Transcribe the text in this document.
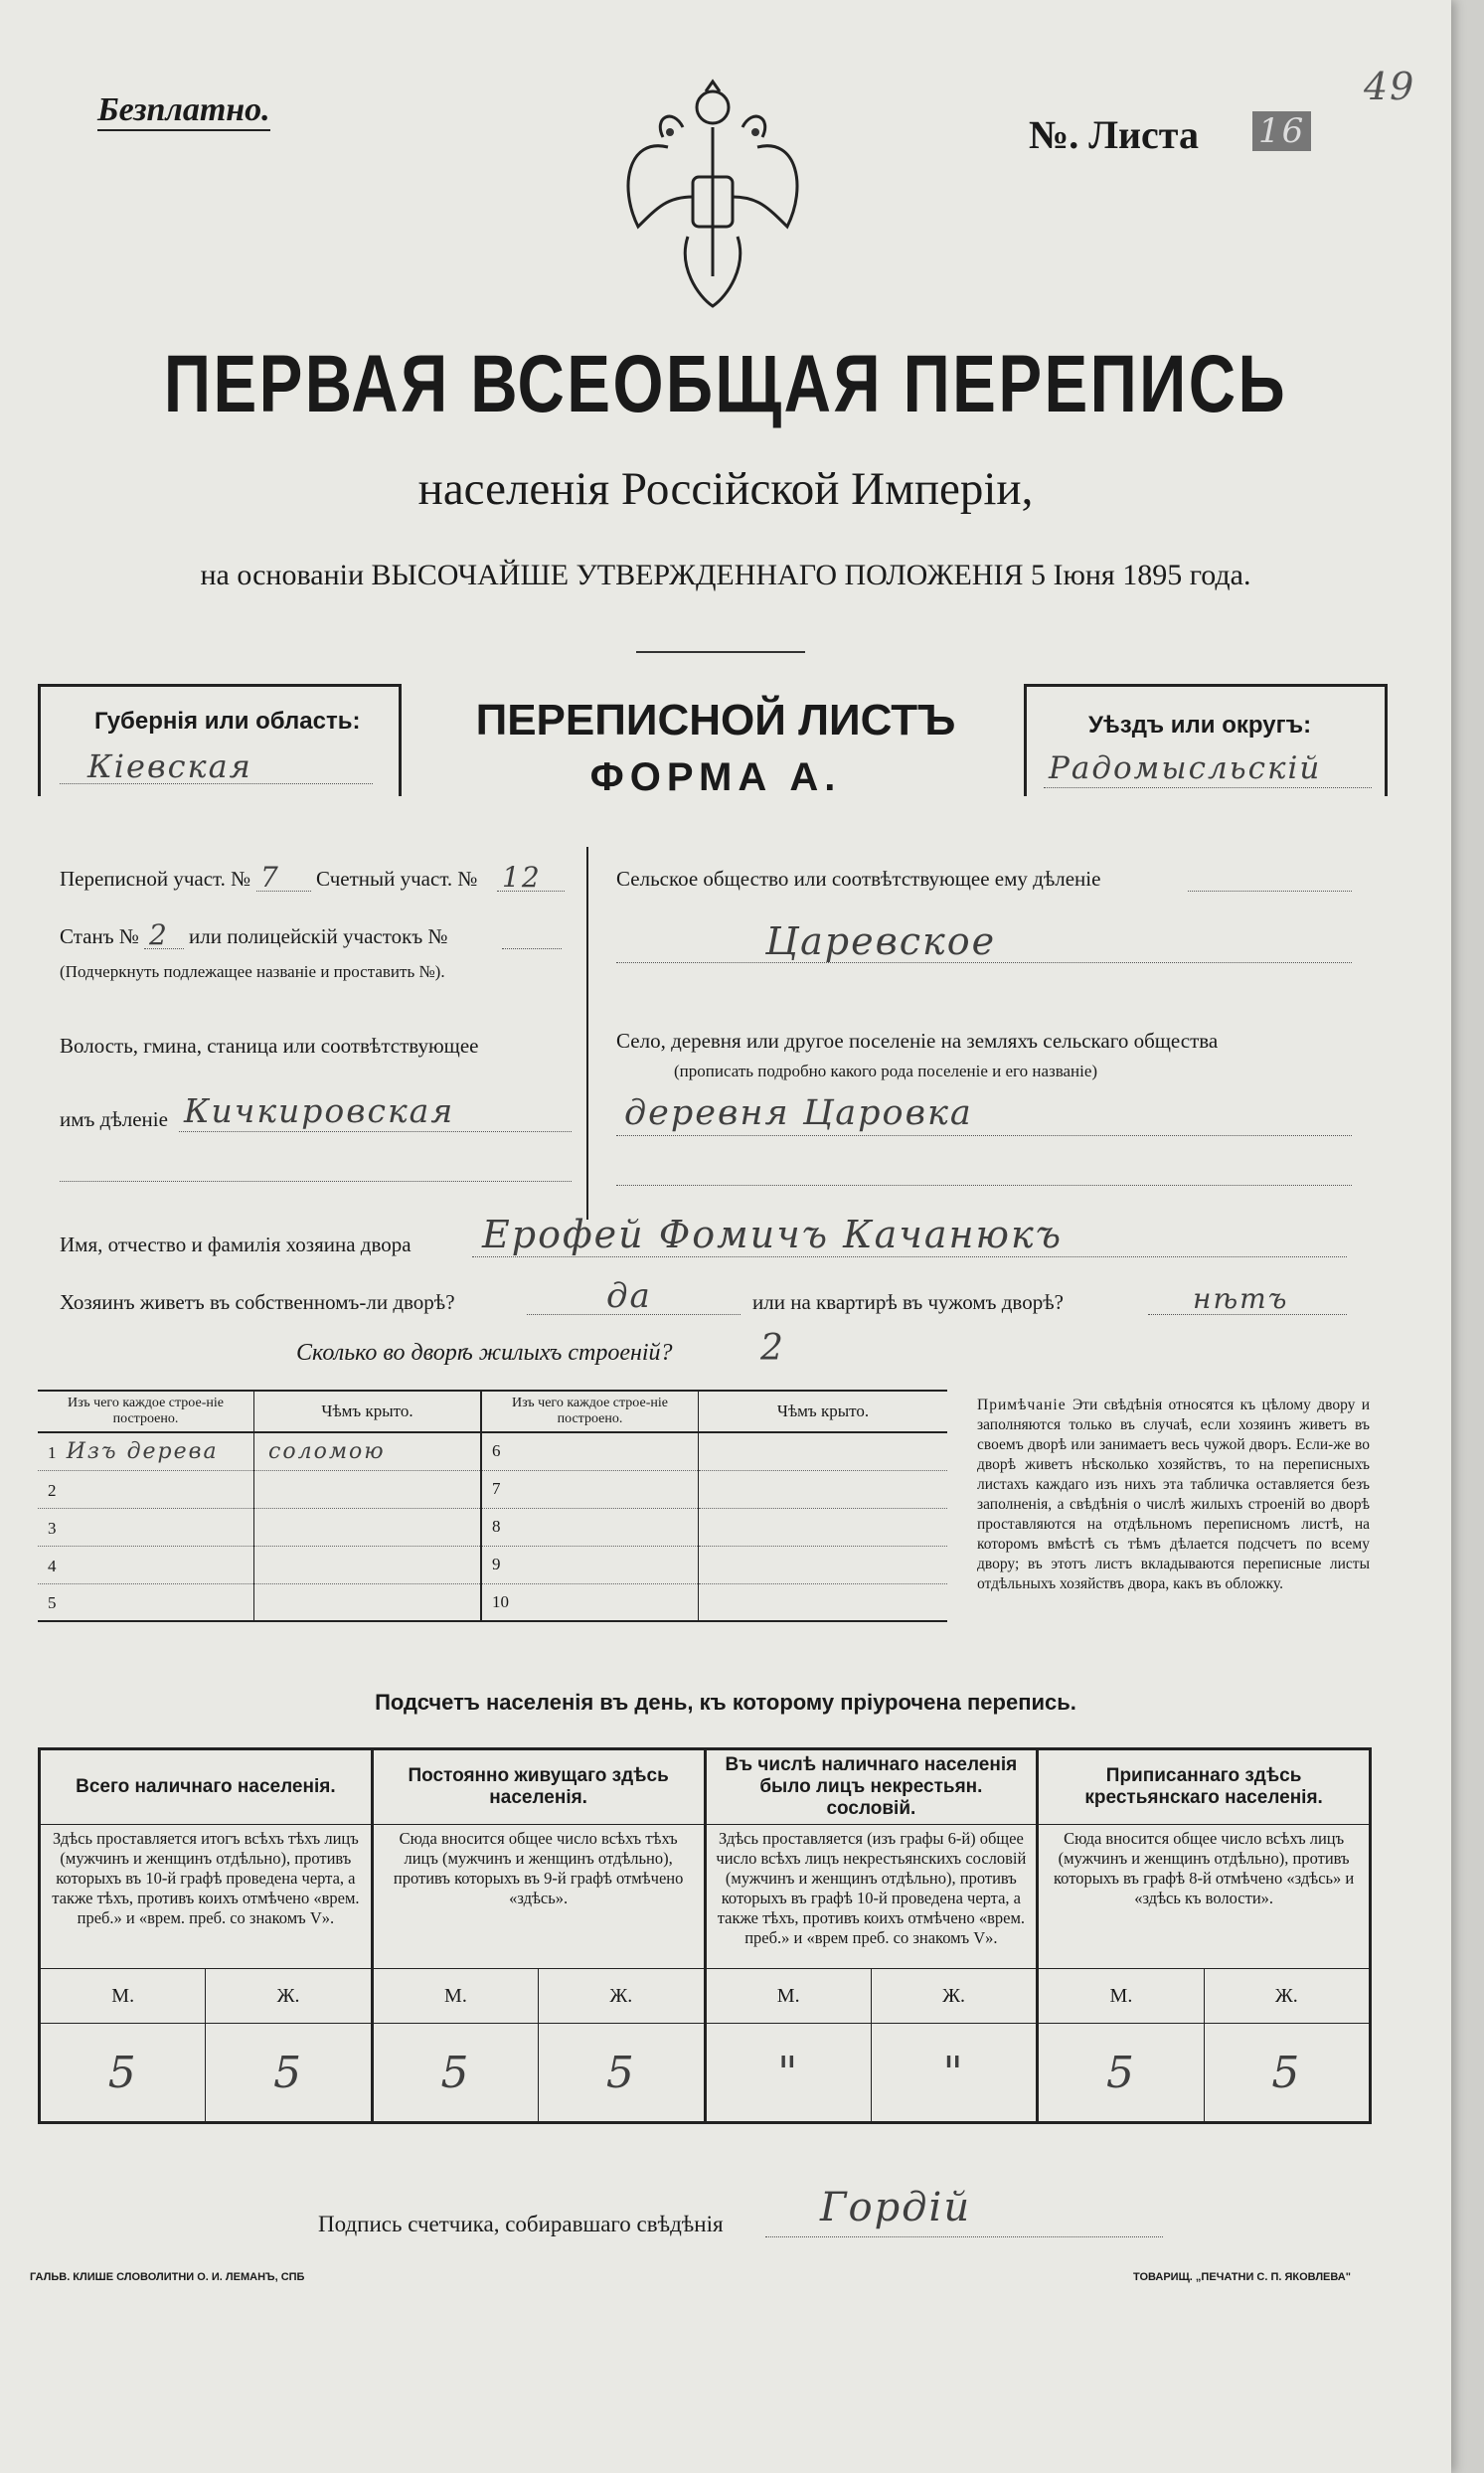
Безплатно.
№. Листа 16
49
ПЕРВАЯ ВСЕОБЩАЯ ПЕРЕПИСЬ
населенія Россійской Имперіи,
на основаніи ВЫСОЧАЙШЕ УТВЕРЖДЕННАГО ПОЛОЖЕНІЯ 5 Іюня 1895 года.
Губернія или область:
Кіевская
ПЕРЕПИСНОЙ ЛИСТЪ
ФОРМА А.
Уѣздъ или округъ:
Радомысльскій
Переписной участ. № 7 Счетный участ. № 12
Станъ № 2 или полицейскій участокъ №
(Подчеркнуть подлежащее названіе и проставить №).
Волость, гмина, станица или соотвѣтствующее
имъ дѣленіе Кичкировская
Сельское общество или соотвѣтствующее ему дѣленіе
Царевское
Село, деревня или другое поселеніе на земляхъ сельскаго общества
(прописать подробно какого рода поселеніе и его названіе)
деревня Царовка
Имя, отчество и фамилія хозяина двора Ерофей Фомичъ Качанюкъ
Хозяинъ живетъ въ собственномъ-ли дворѣ?	да	или на квартирѣ въ чужомъ дворѣ?	нѣтъ
Сколько во дворѣ жилыхъ строеній? 2
Изъ чего каждое строе-ніе построено.	Чѣмъ крыто.	Изъ чего каждое строе-ніе построено.	Чѣмъ крыто.
1 Изъ дерева	соломою	6	
2		7	
3		8	
4		9	
5		10	
Примѣчаніе Эти свѣдѣнія относятся къ цѣлому двору и заполняются только въ случаѣ, если хозяинъ живетъ въ своемъ дворѣ или занимаетъ весь чужой дворъ. Если-же во дворѣ живетъ нѣсколько хозяйствъ, то на переписныхъ листахъ каждаго изъ нихъ эта табличка оставляется безъ заполненія, а свѣдѣнія о числѣ жилыхъ строеній во дворѣ проставляются на отдѣльномъ переписномъ листѣ, на которомъ вмѣстѣ съ тѣмъ дѣлается подсчетъ по всему двору; въ этотъ листъ вкладываются переписные листы отдѣльныхъ хозяйствъ двора, какъ въ обложку.
Подсчетъ населенія въ день, къ которому пріурочена перепись.
Всего наличнаго населенія.		Постоянно живущаго здѣсь населенія.		Въ числѣ наличнаго населенія было лицъ некрестьян. сословій.		Приписаннаго здѣсь крестьянскаго населенія.	
Здѣсь проставляется итогъ всѣхъ тѣхъ лицъ (мужчинъ и женщинъ отдѣльно), противъ которыхъ въ 10-й графѣ проведена черта, а также тѣхъ, противъ коихъ отмѣчено «врем. преб.» и «врем. преб. со знакомъ V».		Сюда вносится общее число всѣхъ тѣхъ лицъ (мужчинъ и женщинъ отдѣльно), противъ которыхъ въ 9-й графѣ отмѣчено «здѣсь».		Здѣсь проставляется (изъ графы 6-й) общее число всѣхъ лицъ некрестьянскихъ сословій (мужчинъ и женщинъ отдѣльно), противъ которыхъ въ графѣ 10-й проведена черта, а также тѣхъ, противъ коихъ отмѣчено «врем. преб.» и «врем преб. со знакомъ V».		Сюда вносится общее число всѣхъ лицъ (мужчинъ и женщинъ отдѣльно), противъ которыхъ въ графѣ 8-й отмѣчено «здѣсь» и «здѣсь къ волости».	
М.	Ж.	М.	Ж.	М.	Ж.	М.	Ж.
5	5	5	5	"	"	5	5
Подпись счетчика, собиравшаго свѣдѣнія Гордій
ГАЛЬВ. КЛИШЕ СЛОВОЛИТНИ О. И. ЛЕМАНЪ, СПБ	ТОВАРИЩ. „ПЕЧАТНИ С. П. ЯКОВЛЕВА"
